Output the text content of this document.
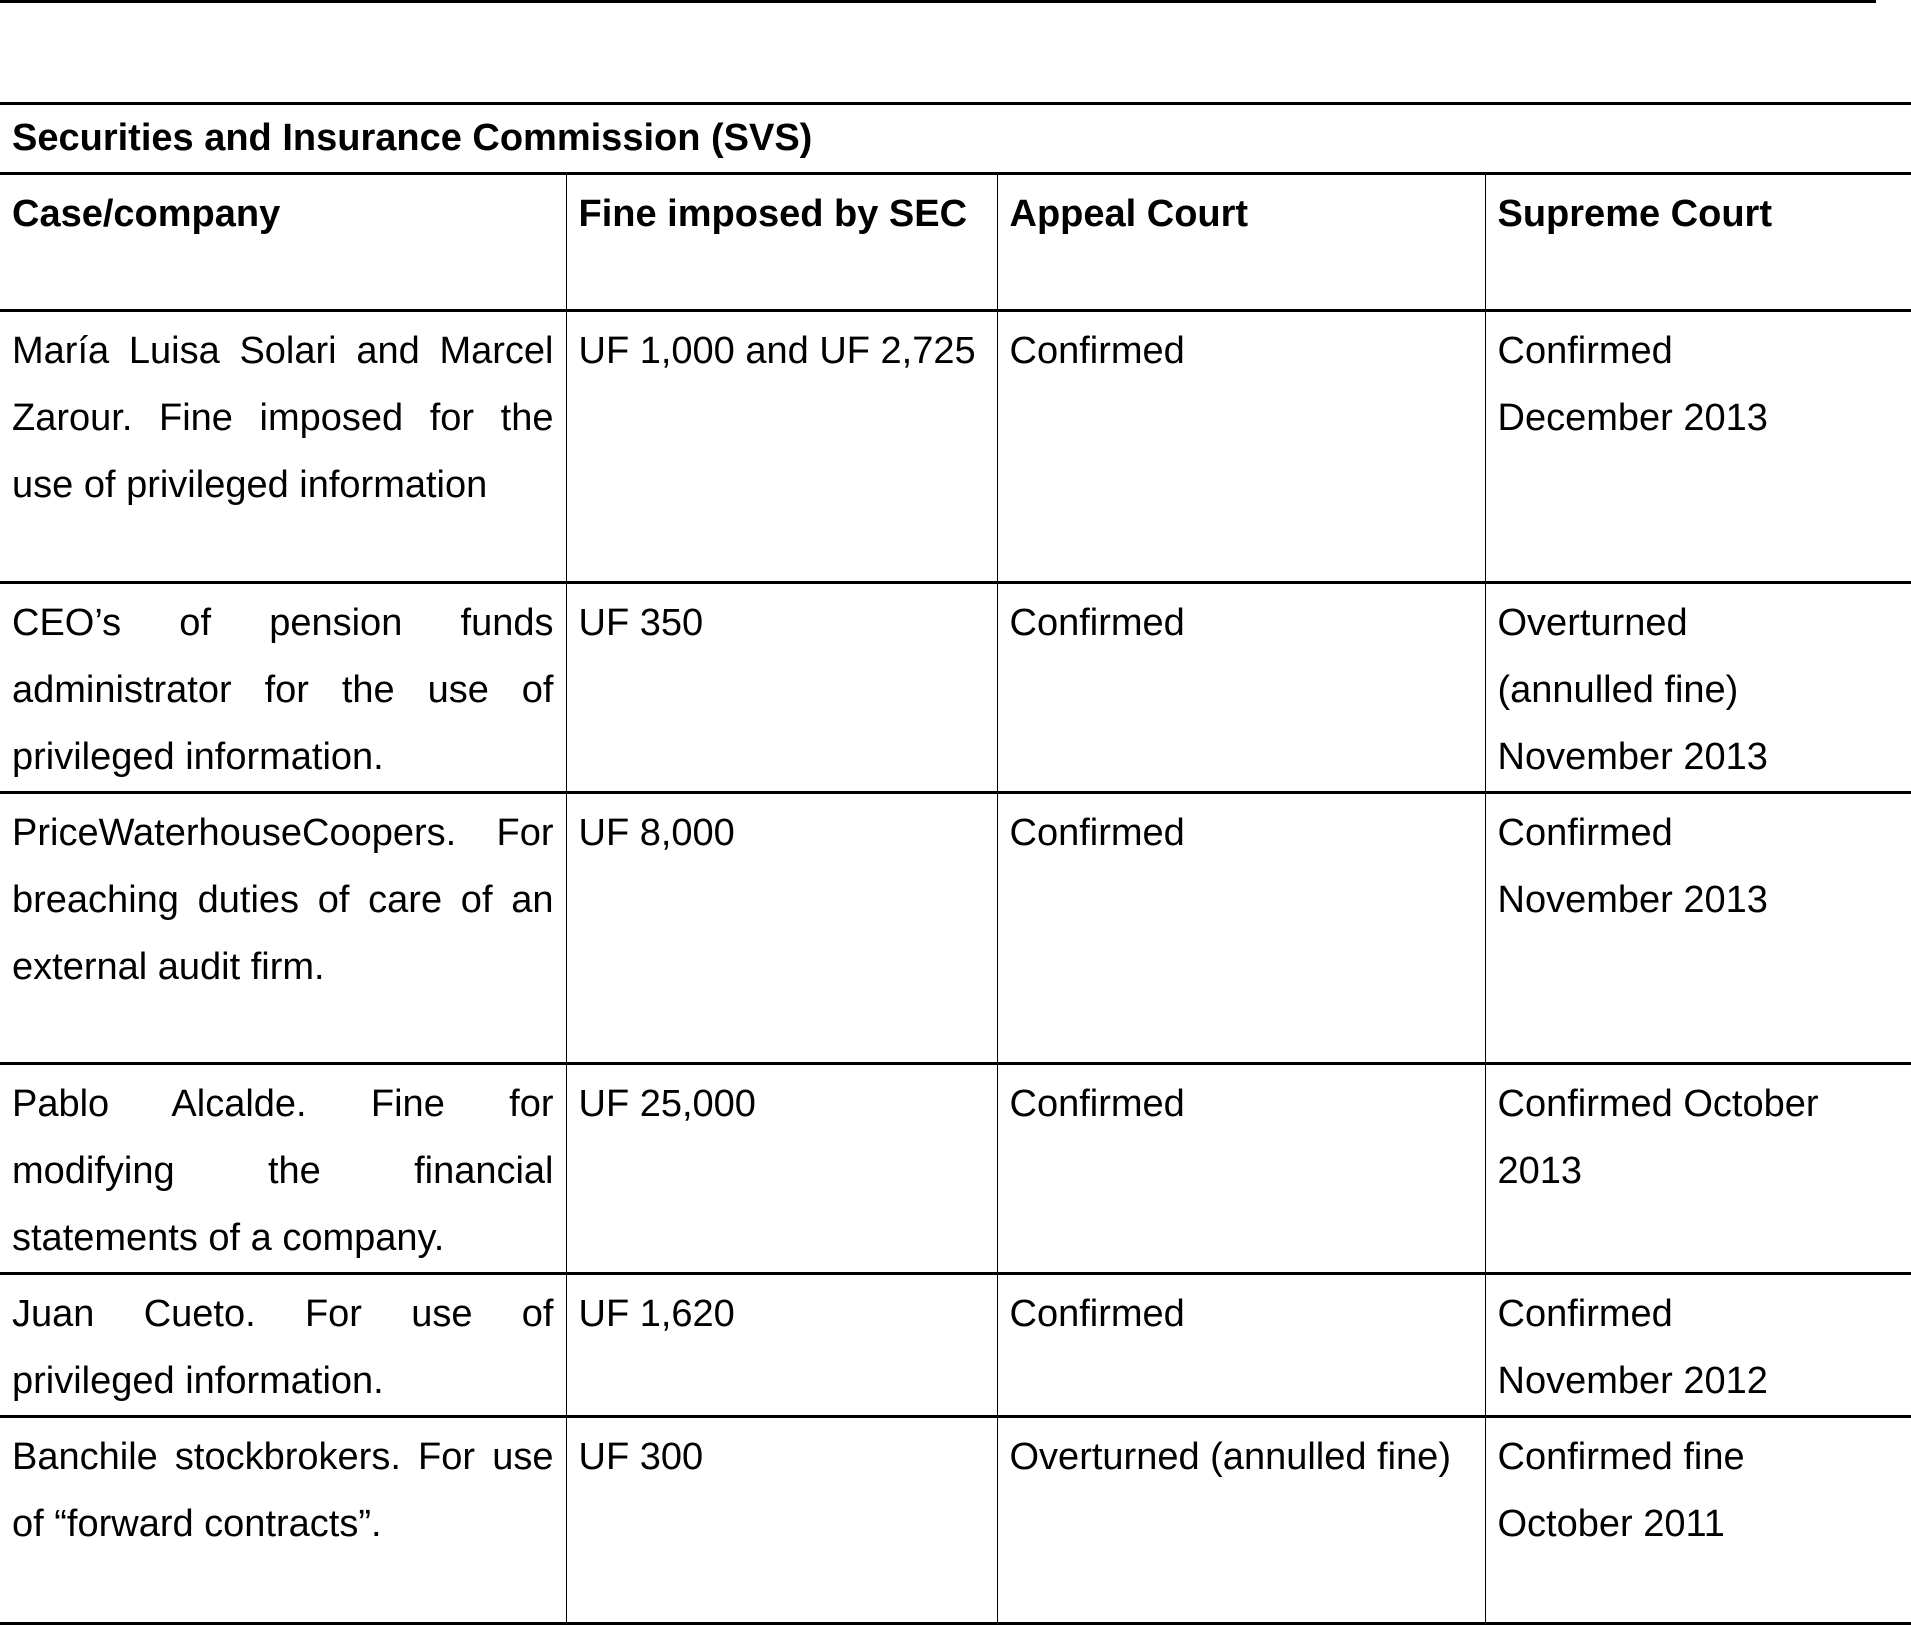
Securities and Insurance Commission (SVS)			
Case/company	Fine imposed by SEC	Appeal Court	Supreme Court
María Luisa Solari and Marcel Zarour. Fine imposed for the use of privileged information	UF 1,000 and UF 2,725	Confirmed	Confirmed December 2013
CEO’s of pension funds administrator for the use of privileged information.	UF 350	Confirmed	Overturned (annulled fine) November 2013
PriceWaterhouseCoopers. For breaching duties of care of an external audit firm.	UF 8,000	Confirmed	Confirmed November 2013
Pablo Alcalde. Fine for modifying the financial statements of a company.	UF 25,000	Confirmed	Confirmed October 2013
Juan Cueto. For use of privileged information.	UF 1,620	Confirmed	Confirmed November 2012
Banchile stockbrokers. For use of “forward contracts”.	UF 300	Overturned (annulled fine)	Confirmed fine October 2011
